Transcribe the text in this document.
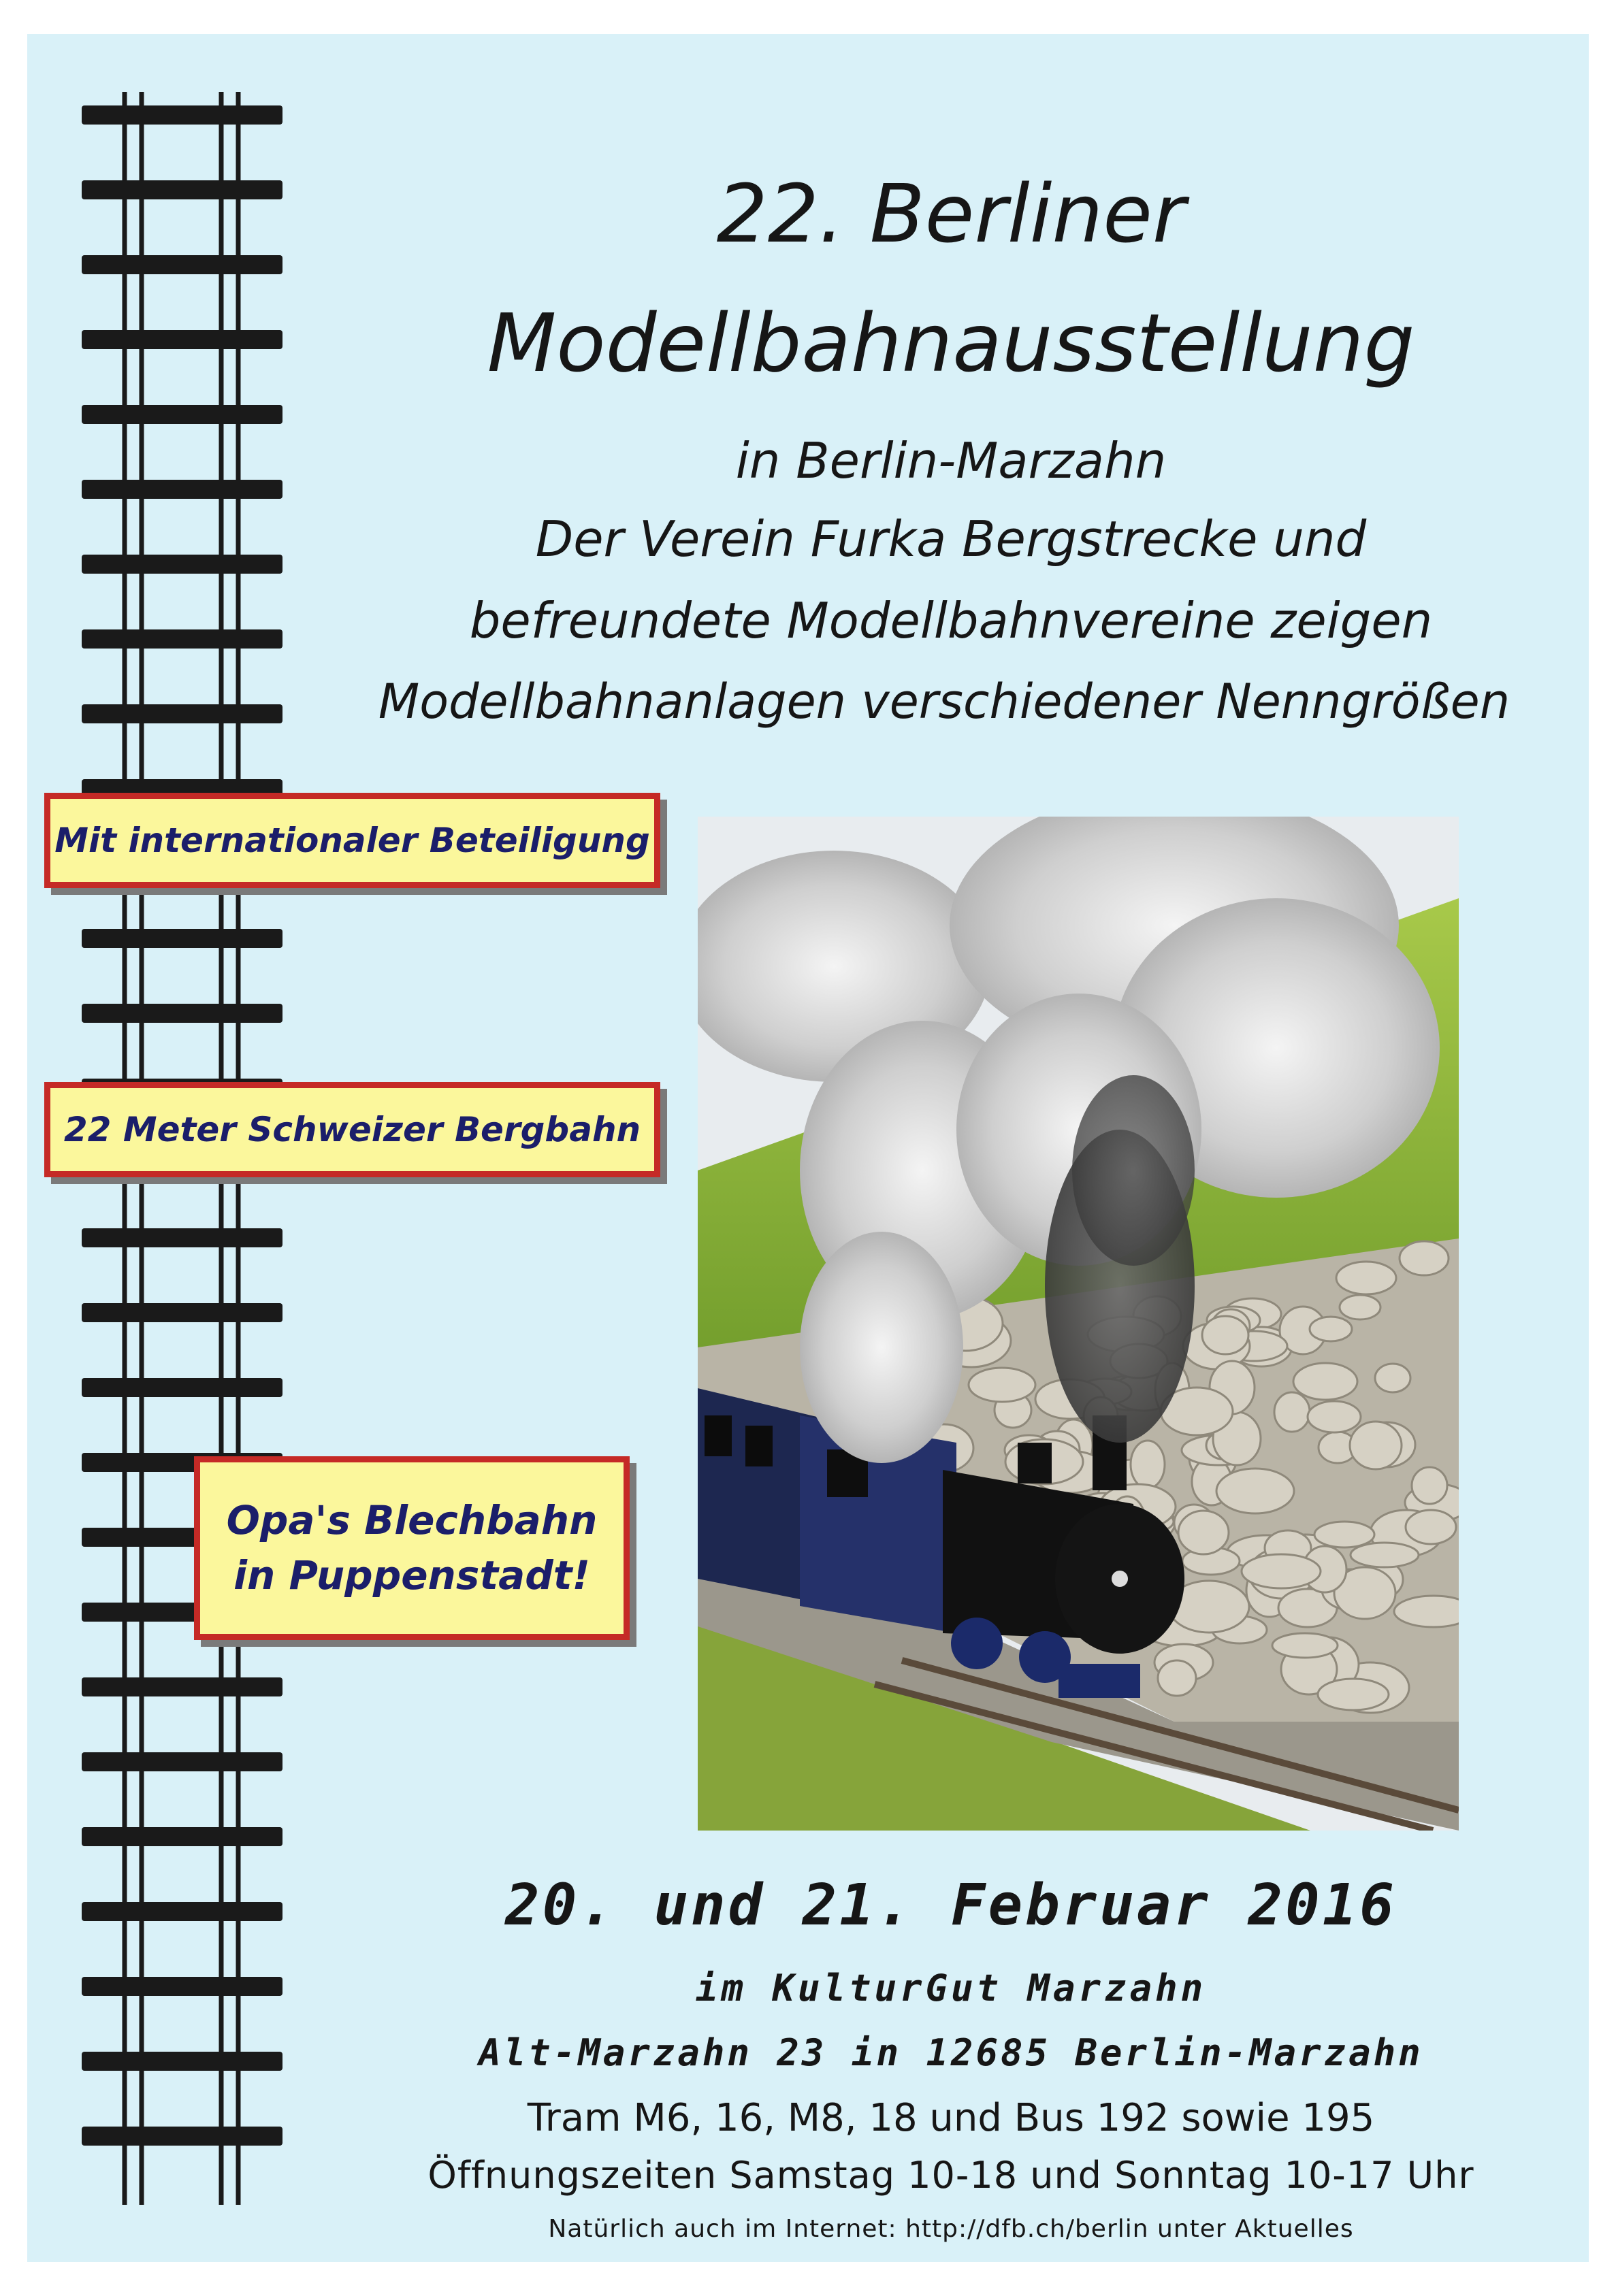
22. Berliner
Modellbahnausstellung
in Berlin-Marzahn
Der Verein Furka Bergstrecke und
befreundete Modellbahnvereine zeigen
Modellbahnanlagen verschiedener Nenngrößen
Mit internationaler Beteiligung
22 Meter Schweizer Bergbahn
Opa's Blechbahn
in Puppenstadt!
20. und 21. Februar 2016
im KulturGut Marzahn
Alt-Marzahn 23 in 12685 Berlin-Marzahn
Tram M6, 16, M8, 18 und Bus 192 sowie 195
Öffnungszeiten Samstag 10-18 und Sonntag 10-17 Uhr
Natürlich auch im Internet: http://dfb.ch/berlin unter Aktuelles
